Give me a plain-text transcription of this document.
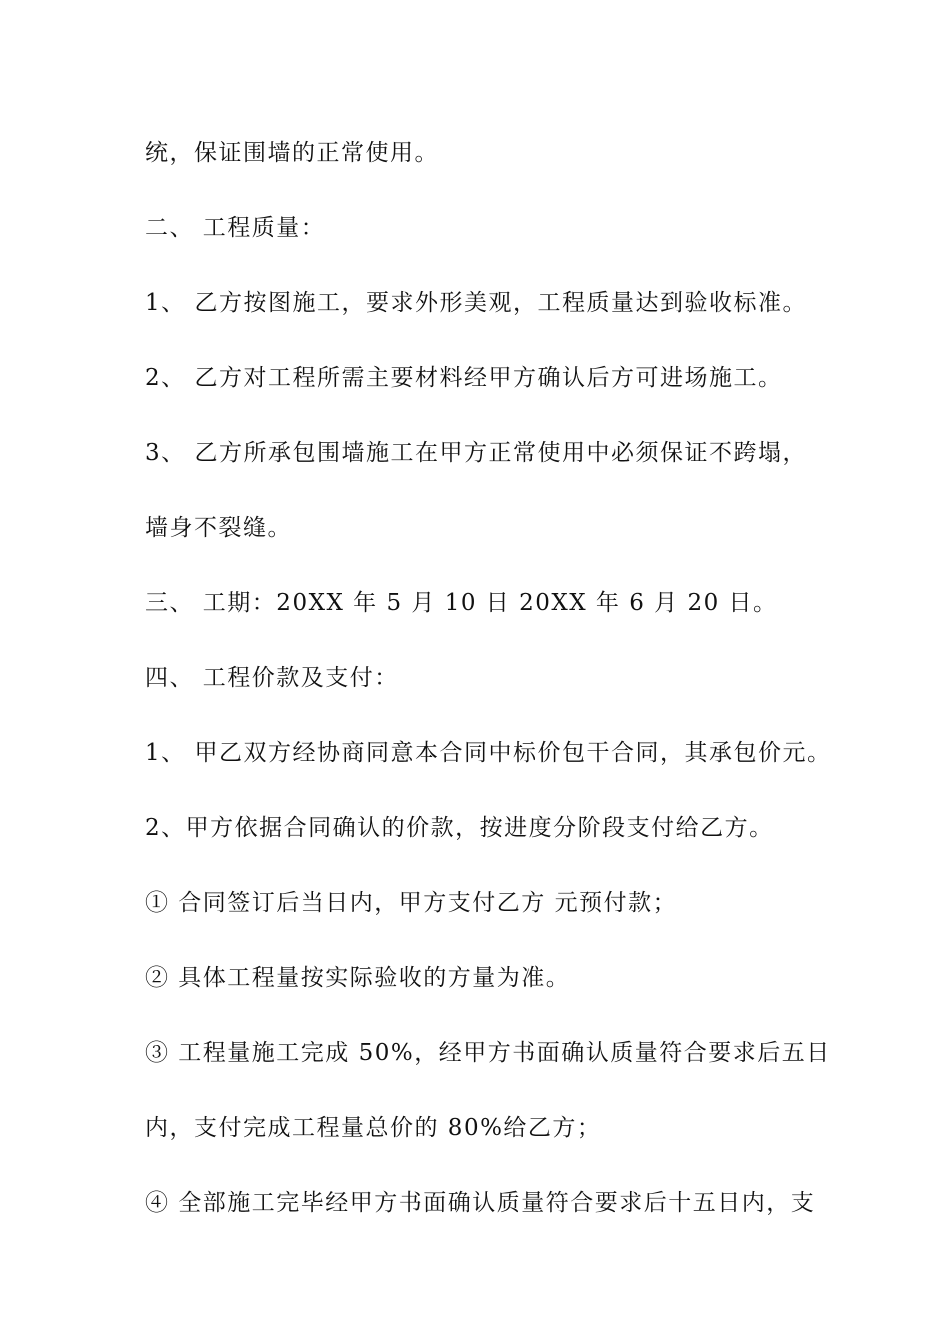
统，保证围墙的正常使用。
二、 工程质量：
1、 乙方按图施工，要求外形美观，工程质量达到验收标准。
2、 乙方对工程所需主要材料经甲方确认后方可进场施工。
3、 乙方所承包围墙施工在甲方正常使用中必须保证不跨塌，
墙身不裂缝。
三、 工期：20XX 年 5 月 10 日 20XX 年 6 月 20 日。
四、 工程价款及支付：
1、 甲乙双方经协商同意本合同中标价包干合同，其承包价元。
2、甲方依据合同确认的价款，按进度分阶段支付给乙方。
① 合同签订后当日内，甲方支付乙方 元预付款；
② 具体工程量按实际验收的方量为准。
③ 工程量施工完成 50%，经甲方书面确认质量符合要求后五日
内，支付完成工程量总价的 80%给乙方；
④ 全部施工完毕经甲方书面确认质量符合要求后十五日内，支
